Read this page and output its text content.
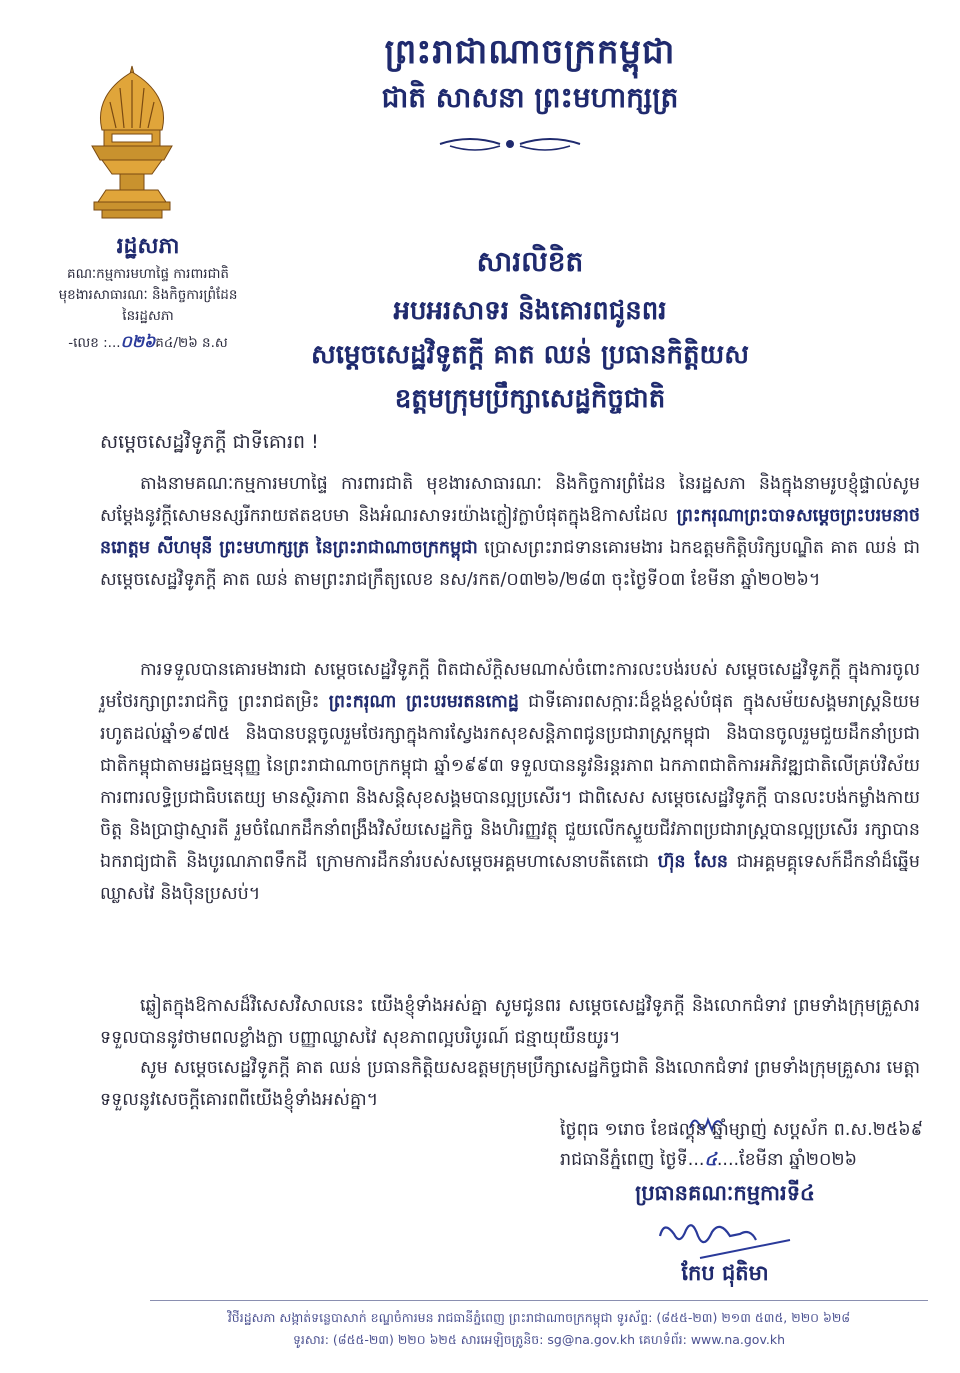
ព្រះរាជាណាចក្រកម្ពុជា
ជាតិ សាសនា ព្រះមហាក្សត្រ
រដ្ឋសភា
គណៈកម្មការមហាផ្ទៃ ការពារជាតិ
មុខងារសាធារណៈ និងកិច្ចការព្រំដែន
នៃរដ្ឋសភា
-លេខ :...០២៦គ៤/២៦ ន.ស
សារលិខិត
អបអរសាទរ និងគោរពជូនពរ
សម្តេចសេដ្ឋវិទូតក្តី គាត ឈន់ ប្រធានកិត្តិយស
ឧត្តមក្រុមប្រឹក្សាសេដ្ឋកិច្ចជាតិ
សម្តេចសេដ្ឋវិទូភក្តី ជាទីគោរព !
តាងនាមគណៈកម្មការមហាផ្ទៃ ការពារជាតិ មុខងារសាធារណៈ និងកិច្ចការព្រំដែន នៃរដ្ឋសភា និងក្នុងនាមរូបខ្ញុំផ្ទាល់សូមសម្តែងនូវក្តីសោមនស្សរីករាយឥតឧបមា និងអំណរសាទរយ៉ាងក្លៀវក្លាបំផុតក្នុងឱកាសដែល ព្រះករុណាព្រះបាទសម្តេចព្រះបរមនាថ នរោត្តម សីហមុនី ព្រះមហាក្សត្រ នៃព្រះរាជាណាចក្រកម្ពុជា ប្រោសព្រះរាជទានគោរមងារ ឯកឧត្តមកិត្តិបរិក្សបណ្ឌិត គាត ឈន់ ជា សម្តេចសេដ្ឋវិទូភក្តី គាត ឈន់ តាមព្រះរាជក្រឹត្យលេខ នស/រកត/០៣២៦/២៨៣ ចុះថ្ងៃទី០៣ ខែមីនា ឆ្នាំ២០២៦។
ការទទួលបានគោរមងារជា សម្តេចសេដ្ឋវិទូភក្តី ពិតជាស័ក្តិសមណាស់ចំពោះការលះបង់របស់ សម្តេចសេដ្ឋវិទូភក្តី ក្នុងការចូលរួមថែរក្សាព្រះរាជកិច្ច ព្រះរាជតម្រិះ ព្រះករុណា ព្រះបរមរតនកោដ្ឋ ជាទីគោរពសក្ការៈដ៏ខ្ពង់ខ្ពស់បំផុត ក្នុងសម័យសង្គមរាស្ត្រនិយម រហូតដល់ឆ្នាំ១៩៧៥ និងបានបន្តចូលរួមថែរក្សាក្នុងការស្វែងរកសុខសន្តិភាពជូនប្រជារាស្ត្រកម្ពុជា និងបានចូលរួមជួយដឹកនាំប្រជាជាតិកម្ពុជាតាមរដ្ឋធម្មនុញ្ញ នៃព្រះរាជាណាចក្រកម្ពុជា ឆ្នាំ១៩៩៣ ទទួលបាននូវនិរន្តរភាព ឯកភាពជាតិការអភិវឌ្ឍជាតិលើគ្រប់វិស័យ ការពារលទ្ធិប្រជាធិបតេយ្យ មានស្ថិរភាព និងសន្តិសុខសង្គមបានល្អប្រសើរ។ ជាពិសេស សម្តេចសេដ្ឋវិទូភក្តី បានលះបង់កម្លាំងកាយចិត្ត និងប្រាជ្ញាស្មារតី រួមចំណែកដឹកនាំពង្រឹងវិស័យសេដ្ឋកិច្ច និងហិរញ្ញវត្ថុ ជួយលើកស្ទួយជីវភាពប្រជារាស្ត្របានល្អប្រសើរ រក្សាបានឯករាជ្យជាតិ និងបូរណភាពទឹកដី ក្រោមការដឹកនាំរបស់សម្តេចអគ្គមហាសេនាបតីតេជោ ហ៊ុន សែន ជាអគ្គមគ្គុទេសក៍ដឹកនាំដ៏ឆ្នើម ឈ្លាសវៃ និងប៉ិនប្រសប់។
ឆ្លៀតក្នុងឱកាសដ៏វិសេសវិសាលនេះ យើងខ្ញុំទាំងអស់គ្នា សូមជូនពរ សម្តេចសេដ្ឋវិទូភក្តី និងលោកជំទាវ ព្រមទាំងក្រុមគ្រួសារ ទទួលបាននូវថាមពលខ្លាំងក្លា បញ្ញាឈ្លាសវៃ សុខភាពល្អបរិបូរណ៍ ជន្មាយុយឺនយូរ។
សូម សម្តេចសេដ្ឋវិទូភក្តី គាត ឈន់ ប្រធានកិត្តិយសឧត្តមក្រុមប្រឹក្សាសេដ្ឋកិច្ចជាតិ និងលោកជំទាវ ព្រមទាំងក្រុមគ្រួសារ មេត្តាទទួលនូវសេចក្តីគោរពពីយើងខ្ញុំទាំងអស់គ្នា។
ថ្ងៃពុធ ១រោច ខែផល្គុន ឆ្នាំម្សាញ់ សប្តស័ក ព.ស.២៥៦៩
រាជធានីភ្នំពេញ ថ្ងៃទី...៤....ខែមីនា ឆ្នាំ២០២៦
ប្រធានគណៈកម្មការទី៤
កែប ជុតិមា
វិថីរដ្ឋសភា សង្កាត់ទន្លេបាសាក់ ខណ្ឌចំការមន រាជធានីភ្នំពេញ ព្រះរាជាណាចក្រកម្ពុជា ទូរស័ព្ទ: (៨៥៥-២៣) ២១៣ ៥៣៥, ២២០ ៦២៨
ទូរសារ: (៨៥៥-២៣) ២២០ ៦២៥ សារអេឡិចត្រូនិច: sg@na.gov.kh គេហទំព័រ: www.na.gov.kh
